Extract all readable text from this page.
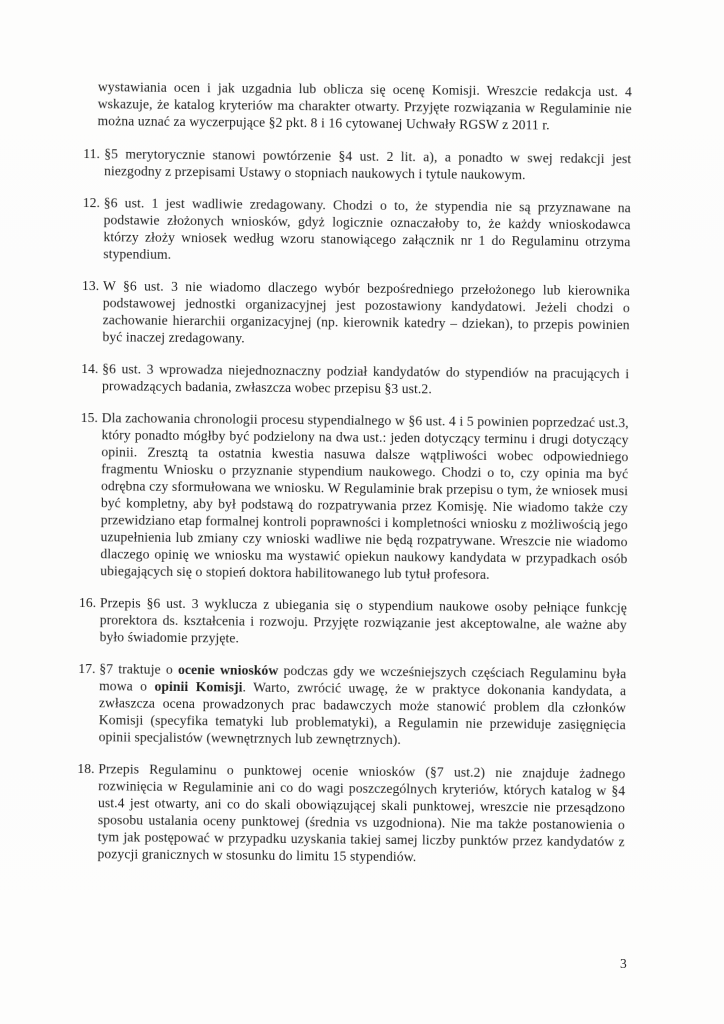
wystawiania ocen i jak uzgadnia lub oblicza się ocenę Komisji. Wreszcie redakcja ust. 4 wskazuje, że katalog kryteriów ma charakter otwarty. Przyjęte rozwiązania w Regulaminie nie można uznać za wyczerpujące §2 pkt. 8 i 16 cytowanej Uchwały RGSW z 2011 r.

11. §5 merytorycznie stanowi powtórzenie §4 ust. 2 lit. a), a ponadto w swej redakcji jest niezgodny z przepisami Ustawy o stopniach naukowych i tytule naukowym.
12. §6 ust. 1 jest wadliwie zredagowany. Chodzi o to, że stypendia nie są przyznawane na podstawie złożonych wniosków, gdyż logicznie oznaczałoby to, że każdy wnioskodawca którzy złoży wniosek według wzoru stanowiącego załącznik nr 1 do Regulaminu otrzyma stypendium.
13. W §6 ust. 3 nie wiadomo dlaczego wybór bezpośredniego przełożonego lub kierownika podstawowej jednostki organizacyjnej jest pozostawiony kandydatowi. Jeżeli chodzi o zachowanie hierarchii organizacyjnej (np. kierownik katedry – dziekan), to przepis powinien być inaczej zredagowany.
14. §6 ust. 3 wprowadza niejednoznaczny podział kandydatów do stypendiów na pracujących i prowadzących badania, zwłaszcza wobec przepisu §3 ust.2.
15. Dla zachowania chronologii procesu stypendialnego w §6 ust. 4 i 5 powinien poprzedzać ust.3, który ponadto mógłby być podzielony na dwa ust.: jeden dotyczący terminu i drugi dotyczący opinii. Zresztą ta ostatnia kwestia nasuwa dalsze wątpliwości wobec odpowiedniego fragmentu Wniosku o przyznanie stypendium naukowego. Chodzi o to, czy opinia ma być odrębna czy sformułowana we wniosku. W Regulaminie brak przepisu o tym, że wniosek musi być kompletny, aby był podstawą do rozpatrywania przez Komisję. Nie wiadomo także czy przewidziano etap formalnej kontroli poprawności i kompletności wniosku z możliwością jego uzupełnienia lub zmiany czy wnioski wadliwe nie będą rozpatrywane. Wreszcie nie wiadomo dlaczego opinię we wniosku ma wystawić opiekun naukowy kandydata w przypadkach osób ubiegających się o stopień doktora habilitowanego lub tytuł profesora.
16. Przepis §6 ust. 3 wyklucza z ubiegania się o stypendium naukowe osoby pełniące funkcję prorektora ds. kształcenia i rozwoju. Przyjęte rozwiązanie jest akceptowalne, ale ważne aby było świadomie przyjęte.
17. §7 traktuje o ocenie wniosków podczas gdy we wcześniejszych częściach Regulaminu była mowa o opinii Komisji. Warto, zwrócić uwagę, że w praktyce dokonania kandydata, a zwłaszcza ocena prowadzonych prac badawczych może stanowić problem dla członków Komisji (specyfika tematyki lub problematyki), a Regulamin nie przewiduje zasięgnięcia opinii specjalistów (wewnętrznych lub zewnętrznych).
18. Przepis Regulaminu o punktowej ocenie wniosków (§7 ust.2) nie znajduje żadnego rozwinięcia w Regulaminie ani co do wagi poszczególnych kryteriów, których katalog w §4 ust.4 jest otwarty, ani co do skali obowiązującej skali punktowej, wreszcie nie przesądzono sposobu ustalania oceny punktowej (średnia vs uzgodniona). Nie ma także postanowienia o tym jak postępować w przypadku uzyskania takiej samej liczby punktów przez kandydatów z pozycji granicznych w stosunku do limitu 15 stypendiów.
3
